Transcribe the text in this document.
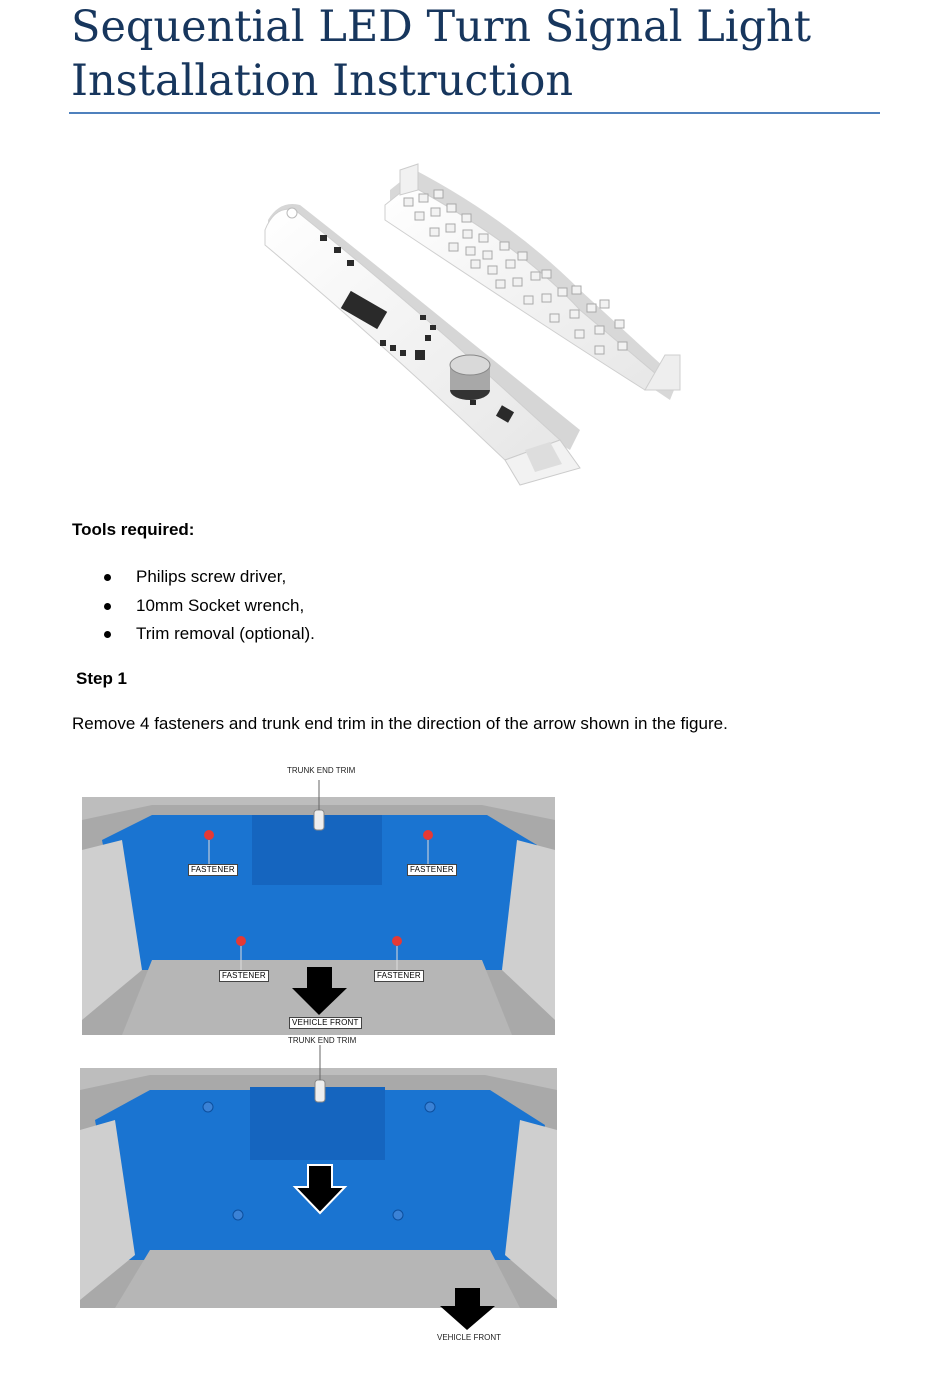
Sequential LED Turn Signal Light
Installation Instruction
Tools required:
Philips screw driver,
10mm Socket wrench,
Trim removal (optional).
Step 1
Remove 4 fasteners and trunk end trim in the direction of the arrow shown in the figure.
TRUNK END TRIM
FASTENER	FASTENER
FASTENER	FASTENER
VEHICLE FRONT
TRUNK END TRIM
VEHICLE FRONT
